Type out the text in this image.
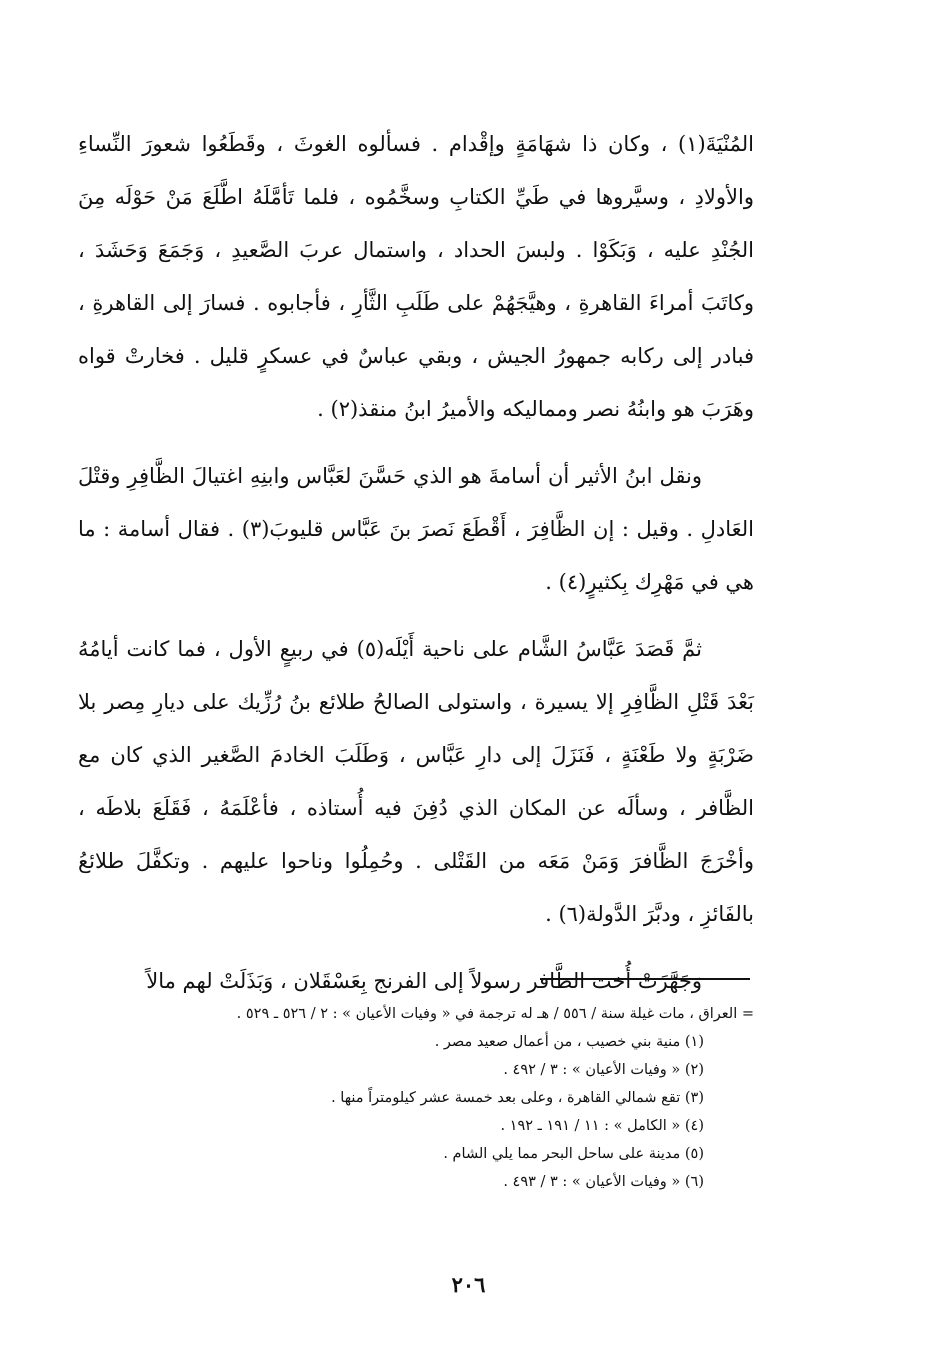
المُنْيَةَ(١) ، وكان ذا شهَامَةٍ وإقْدام . فسألوه الغوثَ ، وقَطَعُوا شعورَ النِّساءِ والأولادِ ، وسيَّروها في طَيِّ الكتابِ وسخَّمُوه ، فلما تَأمَّلَهُ اطَّلَعَ مَنْ حَوْلَه مِنَ الجُنْدِ عليه ، وَبَكَوْا . ولبسَ الحداد ، واستمال عربَ الصَّعيدِ ، وَجَمَعَ وَحَشَدَ ، وكاتَبَ أمراءَ القاهرةِ ، وهيَّجَهُمْ على طَلَبِ الثَّأرِ ، فأجابوه . فسارَ إلى القاهرةِ ، فبادر إلى ركابه جمهورُ الجيش ، وبقي عباسٌ في عسكرٍ قليل . فخارتْ قواه وهَرَبَ هو وابنُهُ نصر ومماليكه والأميرُ ابنُ منقذ(٢) .

ونقل ابنُ الأثير أن أسامةَ هو الذي حَسَّنَ لعَبَّاس وابنِهِ اغتيالَ الظَّافِرِ وقتْلَ العَادلِ . وقيل : إن الظَّافِرَ ، أَقْطَعَ نَصرَ بنَ عَبَّاس قليوبَ(٣) . فقال أسامة : ما هي في مَهْرِك بِكثيرٍ(٤) .

ثمَّ قَصَدَ عَبَّاسُ الشَّام على ناحية أَيْلَه(٥) في ربيعٍ الأول ، فما كانت أيامُهُ بَعْدَ قَتْلِ الظَّافِرِ إلا يسيرة ، واستولى الصالحُ طلائع بنُ رُزِّيك على ديارِ مِصر بلا ضَرْبَةٍ ولا طَعْنَةٍ ، فَنَزَلَ إلى دارِ عَبَّاس ، وَطَلَبَ الخادمَ الصَّغير الذي كان مع الظَّافر ، وسألَه عن المكان الذي دُفِنَ فيه أُستاذه ، فأعْلَمَهُ ، فَقَلَعَ بلاطَه ، وأخْرَجَ الظَّافرَ وَمَنْ مَعَه من القَتْلى . وحُمِلُوا وناحوا عليهم . وتكفَّلَ طلائعُ بالفَائزِ ، ودبَّرَ الدَّولة(٦) .

وَجَهَّزَتْ أُخت الظَّافر رسولاً إلى الفرنج بِعَسْقَلان ، وَبَذَلَتْ لهم مالاً

= العراق ، مات غيلة سنة / ٥٥٦ / هـ له ترجمة في « وفيات الأعيان » : ٢ / ٥٢٦ ـ ٥٢٩ .

(١) منية بني خصيب ، من أعمال صعيد مصر .

(٢) « وفيات الأعيان » : ٣ / ٤٩٢ .

(٣) تقع شمالي القاهرة ، وعلى بعد خمسة عشر كيلومتراً منها .

(٤) « الكامل » : ١١ / ١٩١ ـ ١٩٢ .

(٥) مدينة على ساحل البحر مما يلي الشام .

(٦) « وفيات الأعيان » : ٣ / ٤٩٣ .

٢٠٦
